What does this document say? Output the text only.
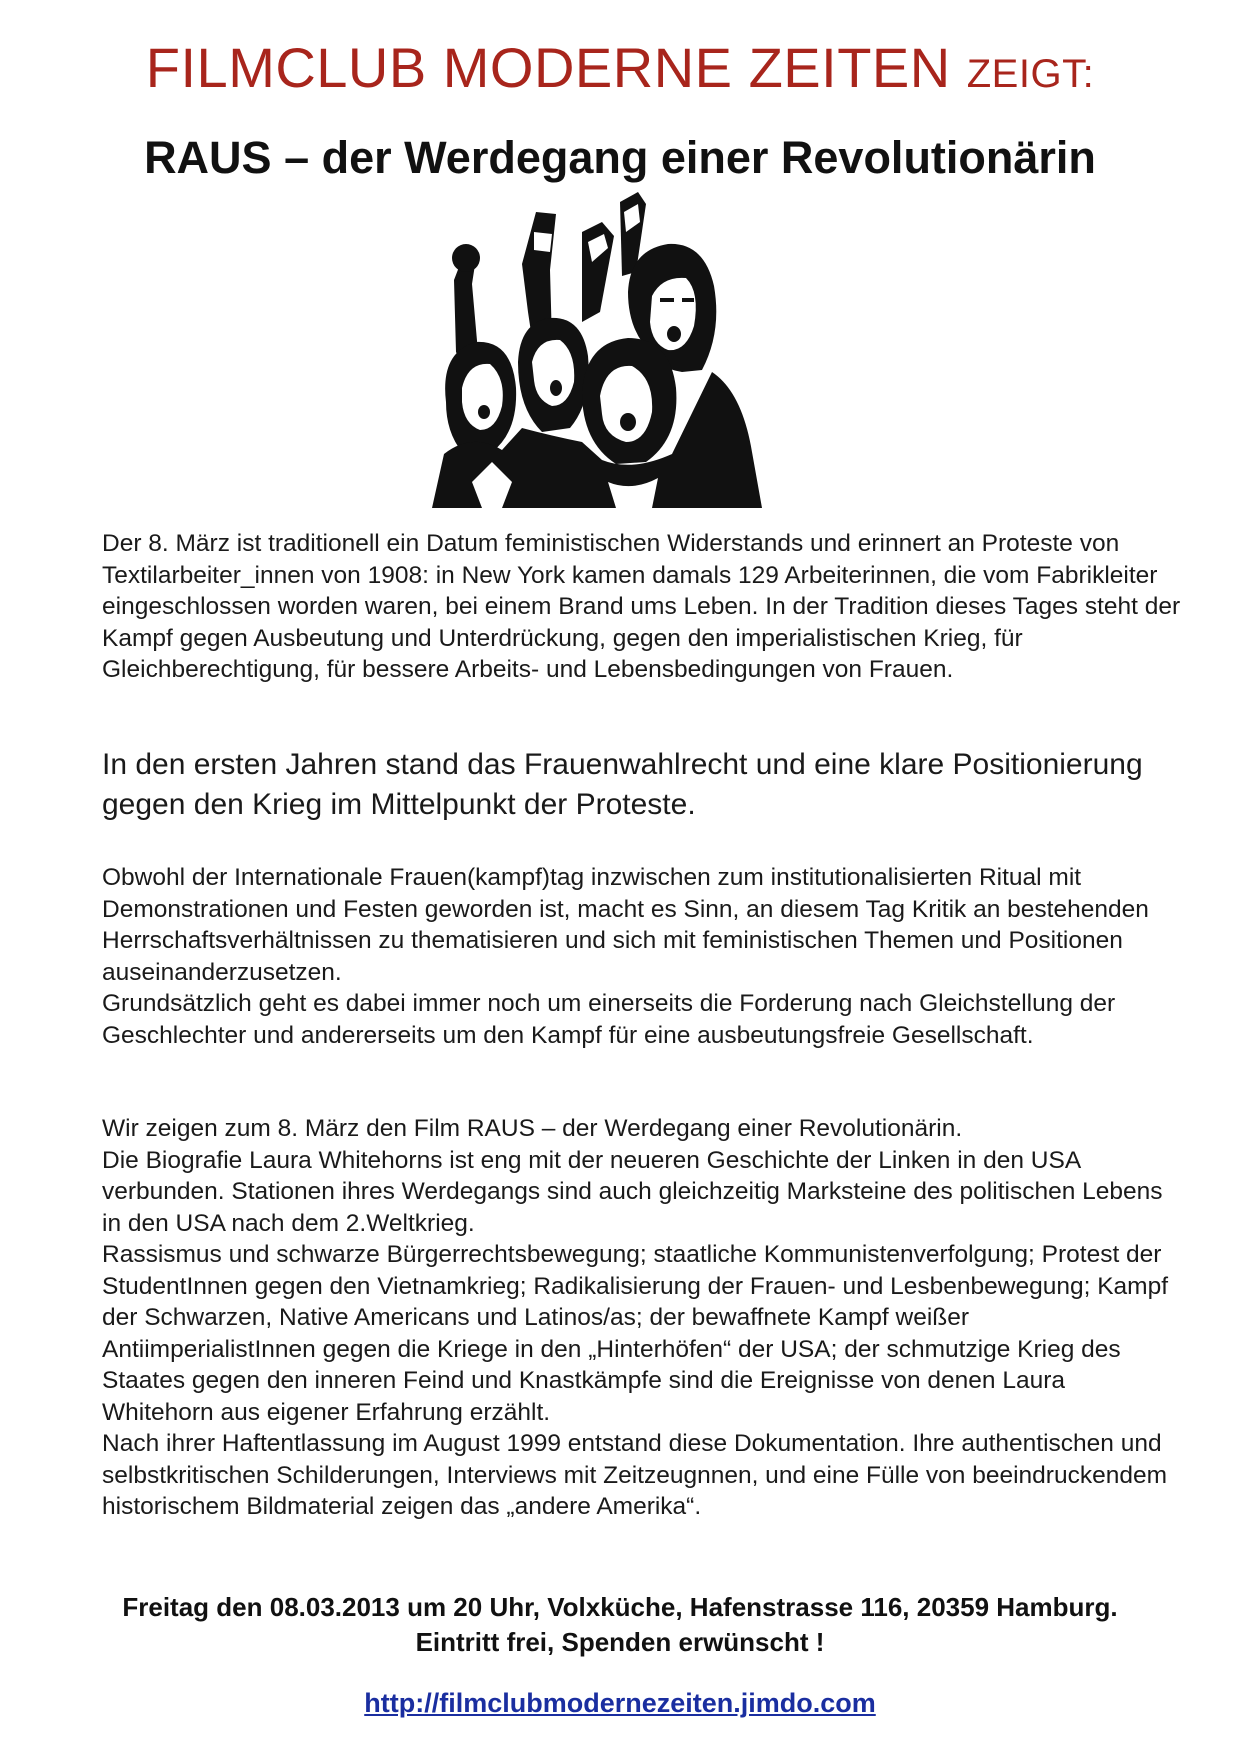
FILMCLUB MODERNE ZEITEN ZEIGT:
RAUS – der Werdegang einer Revolutionärin

Der 8. März ist traditionell ein Datum feministischen Widerstands und erinnert an Proteste von Textilarbeiter_innen von 1908: in New York kamen damals 129 Arbeiterinnen, die vom Fabrikleiter eingeschlossen worden waren, bei einem Brand ums Leben. In der Tradition dieses Tages steht der Kampf gegen Ausbeutung und Unterdrückung, gegen den imperialistischen Krieg, für Gleichberechtigung, für bessere Arbeits- und Lebensbedingungen von Frauen.

In den ersten Jahren stand das Frauenwahlrecht und eine klare Positionierung gegen den Krieg im Mittelpunkt der Proteste.

Obwohl der Internationale Frauen(kampf)tag inzwischen zum institutionalisierten Ritual mit Demonstrationen und Festen geworden ist, macht es Sinn, an diesem Tag Kritik an bestehenden Herrschaftsverhältnissen zu thematisieren und sich mit feministischen Themen und Positionen auseinanderzusetzen.
Grundsätzlich geht es dabei immer noch um einerseits die Forderung nach Gleichstellung der Geschlechter und andererseits um den Kampf für eine ausbeutungsfreie Gesellschaft.
Wir zeigen zum 8. März den Film RAUS – der Werdegang einer Revolutionärin.
Die Biografie Laura Whitehorns ist eng mit der neueren Geschichte der Linken in den USA verbunden. Stationen ihres Werdegangs sind auch gleichzeitig Marksteine des politischen Lebens in den USA nach dem 2.Weltkrieg.
Rassismus und schwarze Bürgerrechtsbewegung; staatliche Kommunistenverfolgung; Protest der StudentInnen gegen den Vietnamkrieg; Radikalisierung der Frauen- und Lesbenbewegung; Kampf der Schwarzen, Native Americans und Latinos/as; der bewaffnete Kampf weißer AntiimperialistInnen gegen die Kriege in den „Hinterhöfen“ der USA; der schmutzige Krieg des Staates gegen den inneren Feind und Knastkämpfe sind die Ereignisse von denen Laura Whitehorn aus eigener Erfahrung erzählt.
Nach ihrer Haftentlassung im August 1999 entstand diese Dokumentation. Ihre authentischen und selbstkritischen Schilderungen, Interviews mit Zeitzeugnnen, und eine Fülle von beeindruckendem historischem Bildmaterial zeigen das „andere Amerika“.
Freitag den 08.03.2013 um 20 Uhr, Volxküche, Hafenstrasse 116, 20359 Hamburg.
Eintritt frei, Spenden erwünscht !
http://filmclubmodernezeiten.jimdo.com
